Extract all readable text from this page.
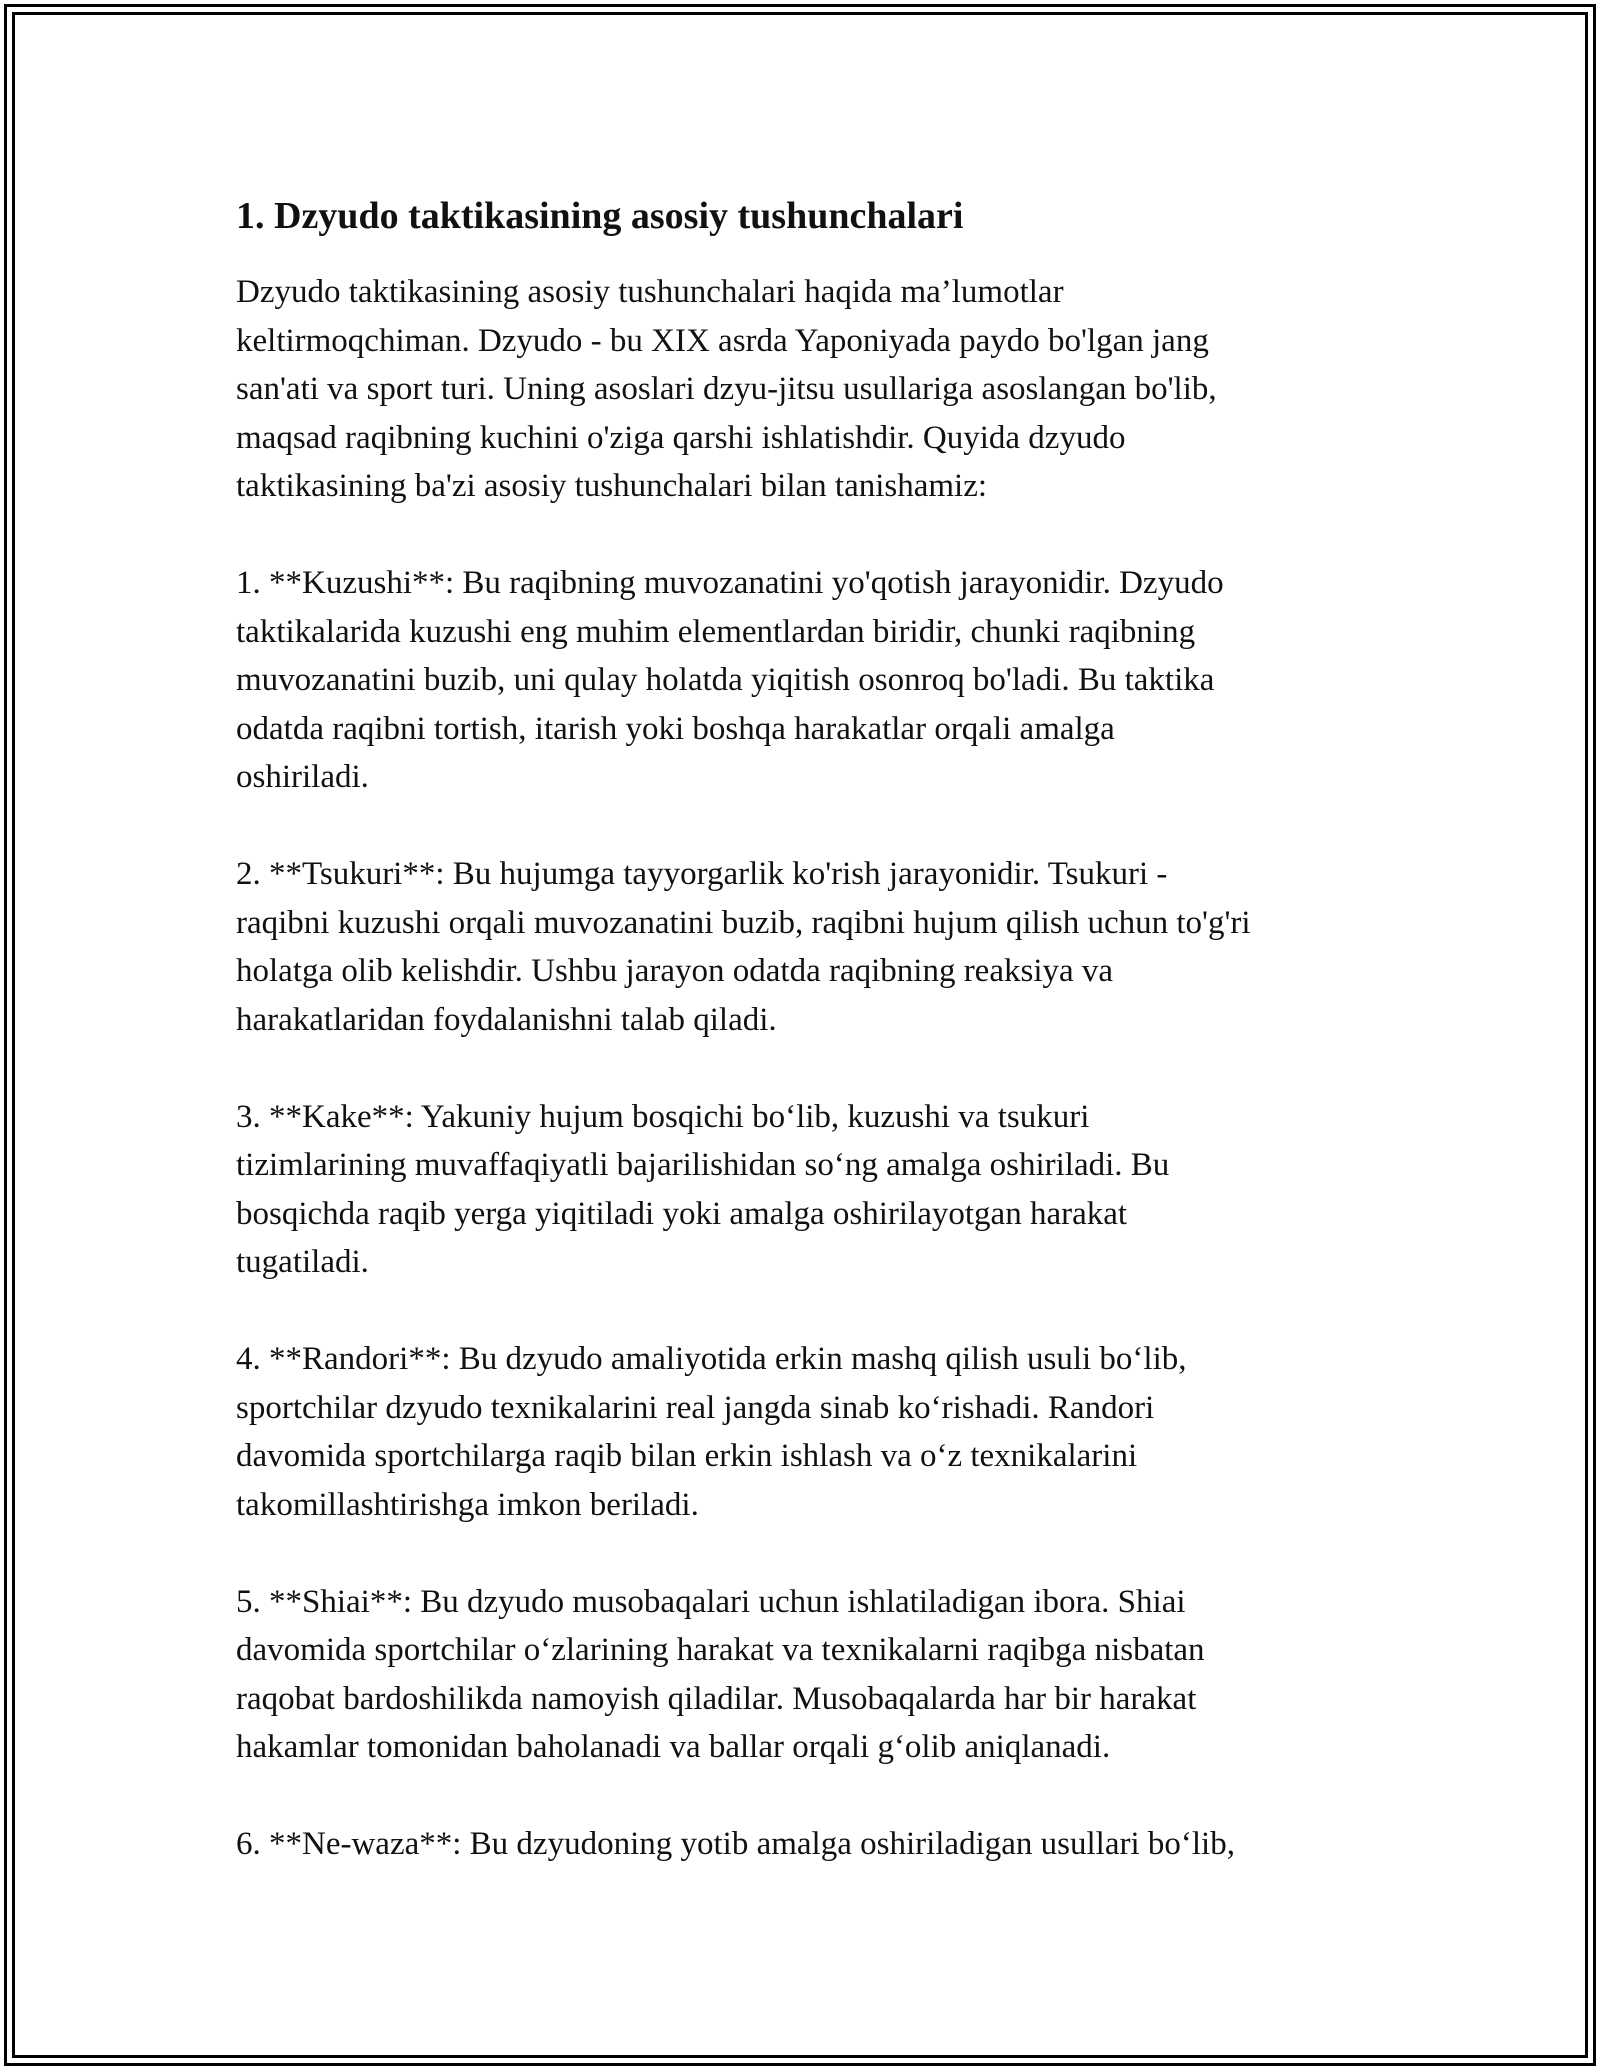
1. Dzyudo taktikasining asosiy tushunchalari

Dzyudo taktikasining asosiy tushunchalari haqida ma’lumotlar
keltirmoqchiman. Dzyudo - bu XIX asrda Yaponiyada paydo bo'lgan jang
san'ati va sport turi. Uning asoslari dzyu-jitsu usullariga asoslangan bo'lib,
maqsad raqibning kuchini o'ziga qarshi ishlatishdir. Quyida dzyudo
taktikasining ba'zi asosiy tushunchalari bilan tanishamiz:

1. **Kuzushi**: Bu raqibning muvozanatini yo'qotish jarayonidir. Dzyudo
taktikalarida kuzushi eng muhim elementlardan biridir, chunki raqibning
muvozanatini buzib, uni qulay holatda yiqitish osonroq bo'ladi. Bu taktika
odatda raqibni tortish, itarish yoki boshqa harakatlar orqali amalga
oshiriladi.

2. **Tsukuri**: Bu hujumga tayyorgarlik ko'rish jarayonidir. Tsukuri -
raqibni kuzushi orqali muvozanatini buzib, raqibni hujum qilish uchun to'g'ri
holatga olib kelishdir. Ushbu jarayon odatda raqibning reaksiya va
harakatlaridan foydalanishni talab qiladi.

3. **Kake**: Yakuniy hujum bosqichi bo‘lib, kuzushi va tsukuri
tizimlarining muvaffaqiyatli bajarilishidan so‘ng amalga oshiriladi. Bu
bosqichda raqib yerga yiqitiladi yoki amalga oshirilayotgan harakat
tugatiladi.

4. **Randori**: Bu dzyudo amaliyotida erkin mashq qilish usuli bo‘lib,
sportchilar dzyudo texnikalarini real jangda sinab ko‘rishadi. Randori
davomida sportchilarga raqib bilan erkin ishlash va o‘z texnikalarini
takomillashtirishga imkon beriladi.

5. **Shiai**: Bu dzyudo musobaqalari uchun ishlatiladigan ibora. Shiai
davomida sportchilar o‘zlarining harakat va texnikalarni raqibga nisbatan
raqobat bardoshilikda namoyish qiladilar. Musobaqalarda har bir harakat
hakamlar tomonidan baholanadi va ballar orqali g‘olib aniqlanadi.

6. **Ne-waza**: Bu dzyudoning yotib amalga oshiriladigan usullari bo‘lib,
